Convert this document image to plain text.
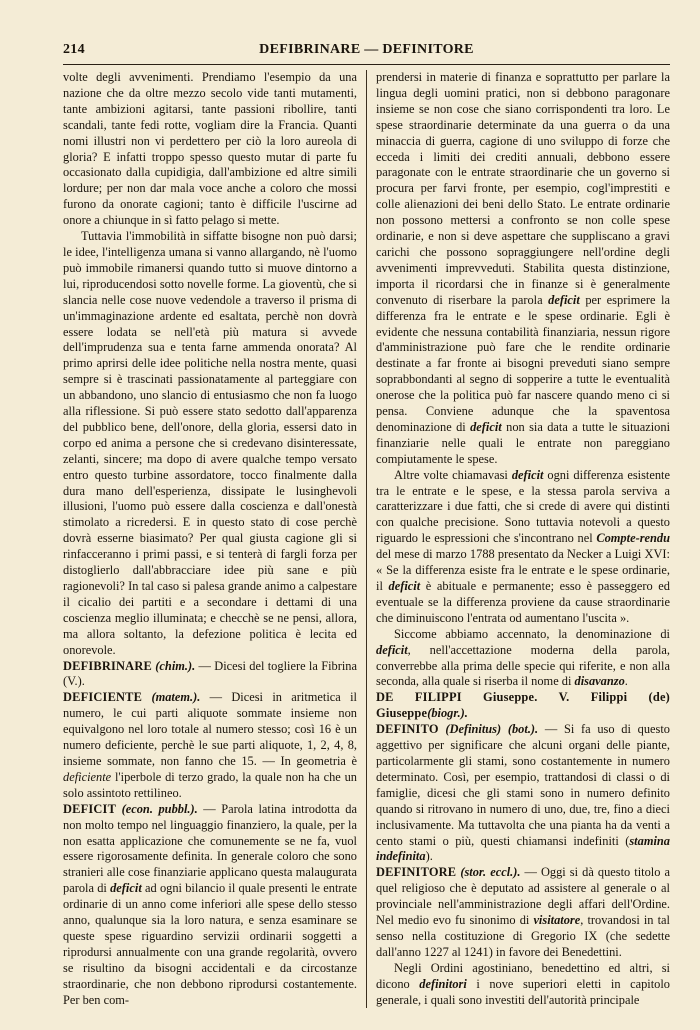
214	DEFIBRINARE — DEFINITORE

volte degli avvenimenti. Prendiamo l'esempio da una nazione che da oltre mezzo secolo vide tanti mutamenti, tante ambizioni agitarsi, tante passioni ribollire, tanti scandali, tante fedi rotte, vogliam dire la Francia. Quanti nomi illustri non vi perdettero per ciò la loro aureola di gloria? E infatti troppo spesso questo mutar di parte fu occasionato dalla cupidigia, dall'ambizione ed altre simili lordure; per non dar mala voce anche a coloro che mossi furono da onorate cagioni; tanto è difficile l'uscirne ad onore a chiunque in sì fatto pelago si mette.

Tuttavia l'immobilità in siffatte bisogne non può darsi; le idee, l'intelligenza umana si vanno allargando, nè l'uomo può immobile rimanersi quando tutto si muove dintorno a lui, riproducendosi sotto novelle forme. La gioventù, che si slancia nelle cose nuove vedendole a traverso il prisma di un'immaginazione ardente ed esaltata, perchè non dovrà essere lodata se nell'età più matura si avvede dell'imprudenza sua e tenta farne ammenda onorata? Al primo aprirsi delle idee politiche nella nostra mente, quasi sempre si è trascinati passionatamente al parteggiare con un abbandono, uno slancio di entusiasmo che non fa luogo alla riflessione. Si può essere stato sedotto dall'apparenza del pubblico bene, dell'onore, della gloria, essersi dato in corpo ed anima a persone che si credevano disinteressate, zelanti, sincere; ma dopo di avere qualche tempo versato entro questo turbine assordatore, tocco finalmente dalla dura mano dell'esperienza, dissipate le lusinghevoli illusioni, l'uomo può essere dalla coscienza e dall'onestà stimolato a ricredersi. E in questo stato di cose perchè dovrà esserne biasimato? Per qual giusta cagione gli si rinfacceranno i primi passi, e si tenterà di fargli forza per distoglierlo dall'abbracciare idee più sane e più ragionevoli? In tal caso si palesa grande animo a calpestare il cicalio dei partiti e a secondare i dettami di una coscienza meglio illuminata; e checchè se ne pensi, allora, ma allora soltanto, la defezione politica è lecita ed onorevole.

DEFIBRINARE (chim.). — Dicesi del togliere la Fibrina (V.).

DEFICIENTE (matem.). — Dicesi in aritmetica il numero, le cui parti aliquote sommate insieme non equivalgono nel loro totale al numero stesso; così 16 è un numero deficiente, perchè le sue parti aliquote, 1, 2, 4, 8, insieme sommate, non fanno che 15. — In geometria è deficiente l'iperbole di terzo grado, la quale non ha che un solo assintoto rettilineo.

DEFICIT (econ. pubbl.). — Parola latina introdotta da non molto tempo nel linguaggio finanziero, la quale, per la non esatta applicazione che comunemente se ne fa, vuol essere rigorosamente definita. In generale coloro che sono stranieri alle cose finanziarie applicano questa malaugurata parola di deficit ad ogni bilancio il quale presenti le entrate ordinarie di un anno come inferiori alle spese dello stesso anno, qualunque sia la loro natura, e senza esaminare se queste spese riguardino servizii ordinarii soggetti a riprodursi annualmente con una grande regolarità, ovvero se risultino da bisogni accidentali e da circostanze straordinarie, che non debbono riprodursi costantemente. Per ben com-

prendersi in materie di finanza e soprattutto per parlare la lingua degli uomini pratici, non si debbono paragonare insieme se non cose che siano corrispondenti tra loro. Le spese straordinarie determinate da una guerra o da una minaccia di guerra, cagione di uno sviluppo di forze che ecceda i limiti dei crediti annuali, debbono essere paragonate con le entrate straordinarie che un governo si procura per farvi fronte, per esempio, cogl'imprestiti e colle alienazioni dei beni dello Stato. Le entrate ordinarie non possono mettersi a confronto se non colle spese ordinarie, e non si deve aspettare che suppliscano a gravi carichi che possono sopraggiungere nell'ordine degli avvenimenti imprevveduti. Stabilita questa distinzione, importa il ricordarsi che in finanze si è generalmente convenuto di riserbare la parola deficit per esprimere la differenza fra le entrate e le spese ordinarie. Egli è evidente che nessuna contabilità finanziaria, nessun rigore d'amministrazione può fare che le rendite ordinarie destinate a far fronte ai bisogni preveduti siano sempre soprabbondanti al segno di sopperire a tutte le eventualità onerose che la politica può far nascere quando meno ci si pensa. Conviene adunque che la spaventosa denominazione di deficit non sia data a tutte le situazioni finanziarie nelle quali le entrate non pareggiano compiutamente le spese.

Altre volte chiamavasi deficit ogni differenza esistente tra le entrate e le spese, e la stessa parola serviva a caratterizzare i due fatti, che si crede di avere qui distinti con qualche precisione. Sono tuttavia notevoli a questo riguardo le espressioni che s'incontrano nel Compte-rendu del mese di marzo 1788 presentato da Necker a Luigi XVI: « Se la differenza esiste fra le entrate e le spese ordinarie, il deficit è abituale e permanente; esso è passeggero ed eventuale se la differenza proviene da cause straordinarie che diminuiscono l'entrata od aumentano l'uscita ».

Siccome abbiamo accennato, la denominazione di deficit, nell'accettazione moderna della parola, converrebbe alla prima delle specie qui riferite, e non alla seconda, alla quale si riserba il nome di disavanzo.

DE FILIPPI Giuseppe. V. Filippi (de) Giuseppe(biogr.).

DEFINITO (Definitus) (bot.). — Si fa uso di questo aggettivo per significare che alcuni organi delle piante, particolarmente gli stami, sono costantemente in numero determinato. Così, per esempio, trattandosi di classi o di famiglie, dicesi che gli stami sono in numero definito quando si ritrovano in numero di uno, due, tre, fino a dieci inclusivamente. Ma tuttavolta che una pianta ha da venti a cento stami o più, questi chiamansi indefiniti (stamina indefinita).

DEFINITORE (stor. eccl.). — Oggi si dà questo titolo a quel religioso che è deputato ad assistere al generale o al provinciale nell'amministrazione degli affari dell'Ordine. Nel medio evo fu sinonimo di visitatore, trovandosi in tal senso nella costituzione di Gregorio IX (che sedette dall'anno 1227 al 1241) in favore dei Benedettini.

Negli Ordini agostiniano, benedettino ed altri, si dicono definitori i nove superiori eletti in capitolo generale, i quali sono investiti dell'autorità principale
